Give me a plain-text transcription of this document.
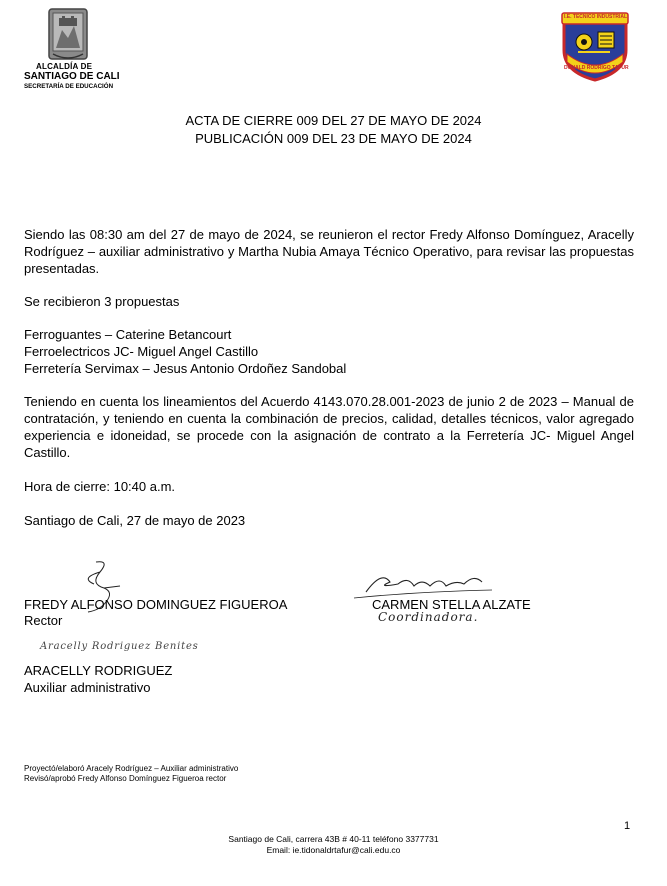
ALCALDÍA DE
SANTIAGO DE CALI
SECRETARÍA DE EDUCACIÓN
I.E. TECNICO INDUSTRIAL
DONALD RODRIGO TAFUR
ACTA DE CIERRE 009 DEL 27 DE MAYO DE 2024
PUBLICACIÓN 009 DEL 23 DE MAYO DE 2024
Siendo las 08:30 am del 27 de mayo de 2024, se reunieron el rector Fredy Alfonso Domínguez, Aracelly Rodríguez – auxiliar administrativo y Martha Nubia Amaya Técnico Operativo, para revisar las propuestas presentadas.
Se recibieron 3 propuestas
Ferroguantes – Caterine Betancourt
Ferroelectricos JC- Miguel Angel Castillo
Ferretería Servimax – Jesus Antonio Ordoñez Sandobal
Teniendo en cuenta los lineamientos del Acuerdo 4143.070.28.001-2023 de junio 2 de 2023 – Manual de contratación, y teniendo en cuenta la combinación de precios, calidad, detalles técnicos, valor agregado experiencia e idoneidad, se procede con la asignación de contrato a la Ferretería JC- Miguel Angel Castillo.
Hora de cierre: 10:40 a.m.
Santiago de Cali, 27 de mayo de 2023
FREDY ALFONSO DOMINGUEZ FIGUEROA
Rector
CARMEN STELLA ALZATE
Coordinadora.
Aracelly Rodriguez Benites
ARACELLY RODRIGUEZ
Auxiliar administrativo
Proyectó/elaboró Aracely Rodríguez – Auxiliar administrativo
Revisó/aprobó Fredy Alfonso Domínguez Figueroa rector
1
Santiago de Cali, carrera 43B # 40-11 teléfono 3377731
Email: ie.tidonaldrtafur@cali.edu.co
